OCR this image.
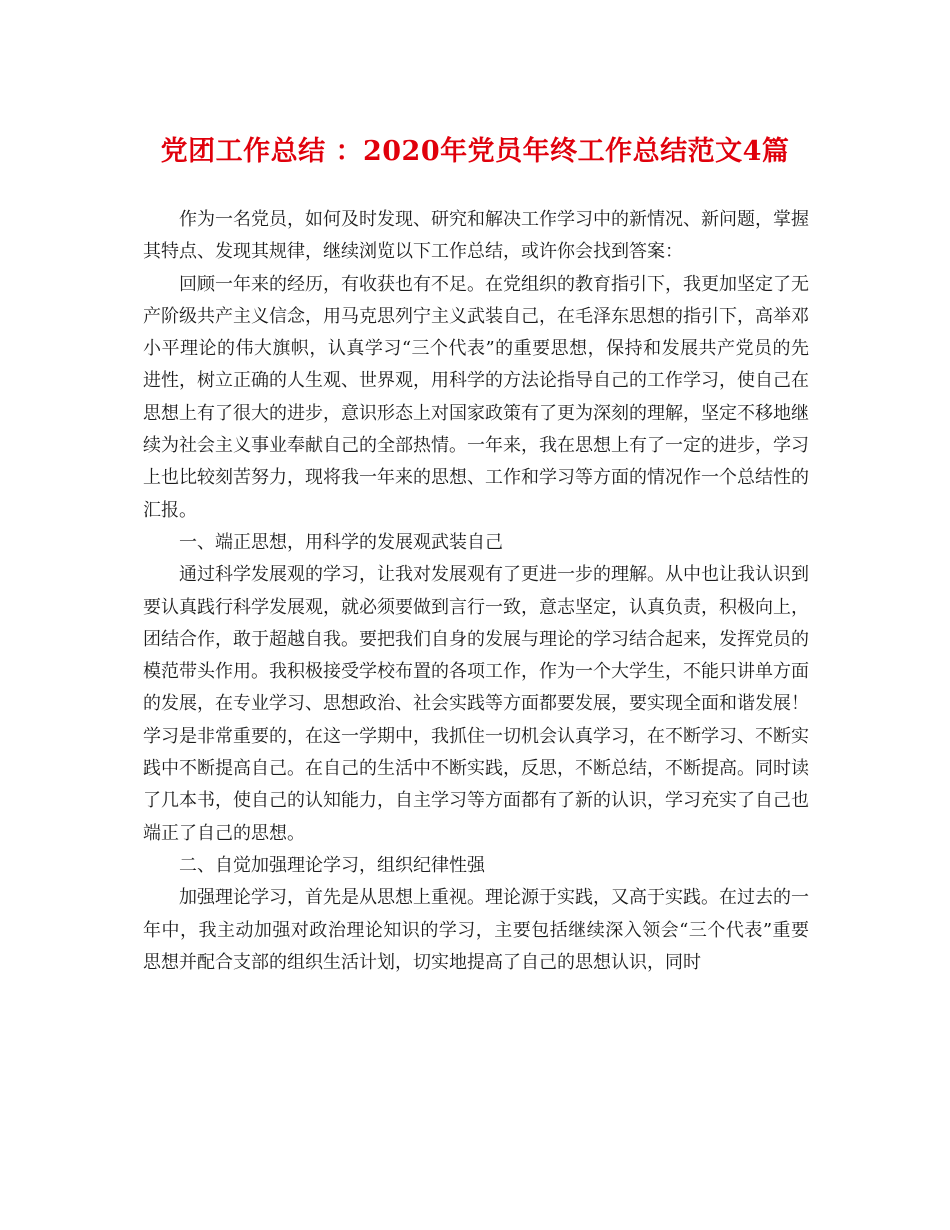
党团工作总结 ：2020年党员年终工作总结范文4篇

作为一名党员，如何及时发现、研究和解决工作学习中的新情况、新问题，掌握其特点、发现其规律，继续浏览以下工作总结，或许你会找到答案：

回顾一年来的经历，有收获也有不足。在党组织的教育指引下，我更加坚定了无产阶级共产主义信念，用马克思列宁主义武装自己，在毛泽东思想的指引下，高举邓小平理论的伟大旗帜，认真学习“三个代表”的重要思想，保持和发展共产党员的先进性，树立正确的人生观、世界观，用科学的方法论指导自己的工作学习，使自己在思想上有了很大的进步，意识形态上对国家政策有了更为深刻的理解，坚定不移地继续为社会主义事业奉献自己的全部热情。一年来，我在思想上有了一定的进步，学习上也比较刻苦努力，现将我一年来的思想、工作和学习等方面的情况作一个总结性的汇报。

一、端正思想，用科学的发展观武装自己

通过科学发展观的学习，让我对发展观有了更进一步的理解。从中也让我认识到要认真践行科学发展观，就必须要做到言行一致，意志坚定，认真负责，积极向上，团结合作，敢于超越自我。要把我们自身的发展与理论的学习结合起来，发挥党员的模范带头作用。我积极接受学校布置的各项工作，作为一个大学生，不能只讲单方面的发展，在专业学习、思想政治、社会实践等方面都要发展，要实现全面和谐发展！学习是非常重要的，在这一学期中，我抓住一切机会认真学习，在不断学习、不断实践中不断提高自己。在自己的生活中不断实践，反思，不断总结，不断提高。同时读了几本书，使自己的认知能力，自主学习等方面都有了新的认识，学习充实了自己也端正了自己的思想。

二、自觉加强理论学习，组织纪律性强

加强理论学习，首先是从思想上重视。理论源于实践，又高于实践。在过去的一年中，我主动加强对政治理论知识的学习，主要包括继续深入领会“三个代表”重要思想并配合支部的组织生活计划，切实地提高了自己的思想认识，同时
